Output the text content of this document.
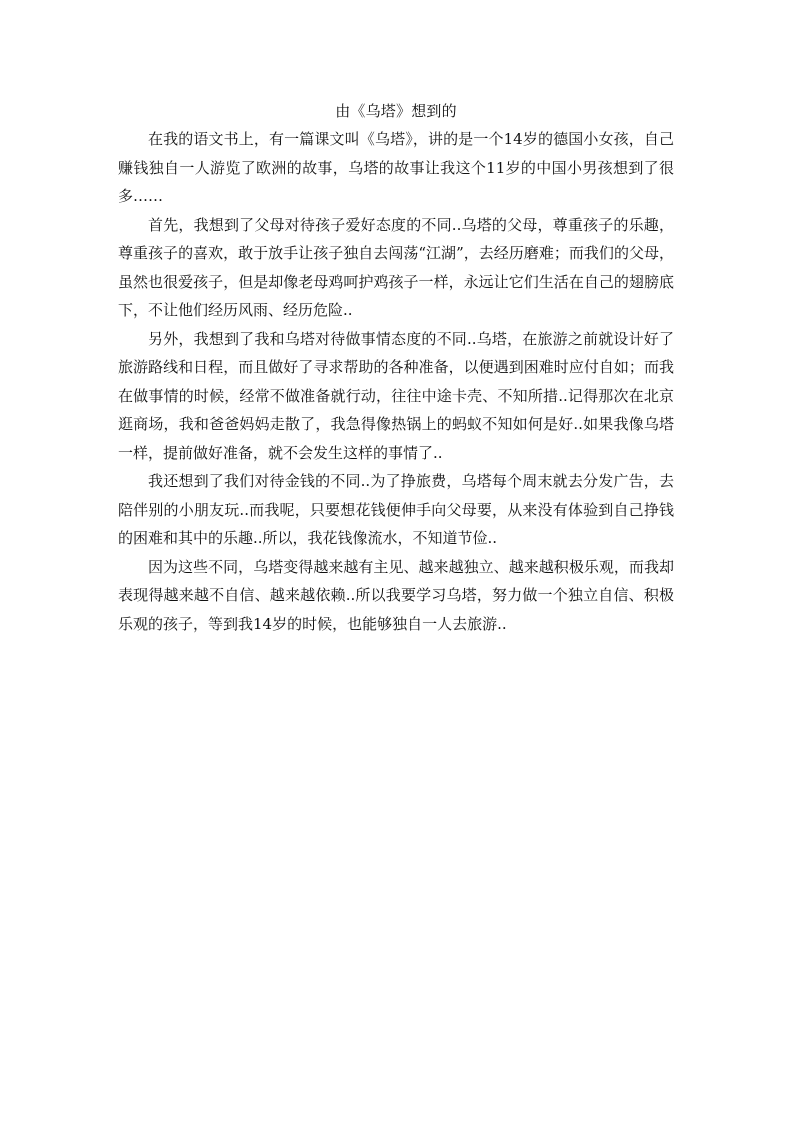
由《乌塔》想到的

在我的语文书上，有一篇课文叫《乌塔》，讲的是一个14岁的德国小女孩，自己赚钱独自一人游览了欧洲的故事，乌塔的故事让我这个11岁的中国小男孩想到了很多……

首先，我想到了父母对待孩子爱好态度的不同..乌塔的父母，尊重孩子的乐趣，尊重孩子的喜欢，敢于放手让孩子独自去闯荡“江湖”，去经历磨难；而我们的父母，虽然也很爱孩子，但是却像老母鸡呵护鸡孩子一样，永远让它们生活在自己的翅膀底下，不让他们经历风雨、经历危险..

另外，我想到了我和乌塔对待做事情态度的不同..乌塔，在旅游之前就设计好了旅游路线和日程，而且做好了寻求帮助的各种准备，以便遇到困难时应付自如；而我在做事情的时候，经常不做准备就行动，往往中途卡壳、不知所措..记得那次在北京逛商场，我和爸爸妈妈走散了，我急得像热锅上的蚂蚁不知如何是好..如果我像乌塔一样，提前做好准备，就不会发生这样的事情了..

我还想到了我们对待金钱的不同..为了挣旅费，乌塔每个周末就去分发广告，去陪伴别的小朋友玩..而我呢，只要想花钱便伸手向父母要，从来没有体验到自己挣钱的困难和其中的乐趣..所以，我花钱像流水，不知道节俭..

因为这些不同，乌塔变得越来越有主见、越来越独立、越来越积极乐观，而我却表现得越来越不自信、越来越依赖..所以我要学习乌塔，努力做一个独立自信、积极乐观的孩子，等到我14岁的时候，也能够独自一人去旅游..
